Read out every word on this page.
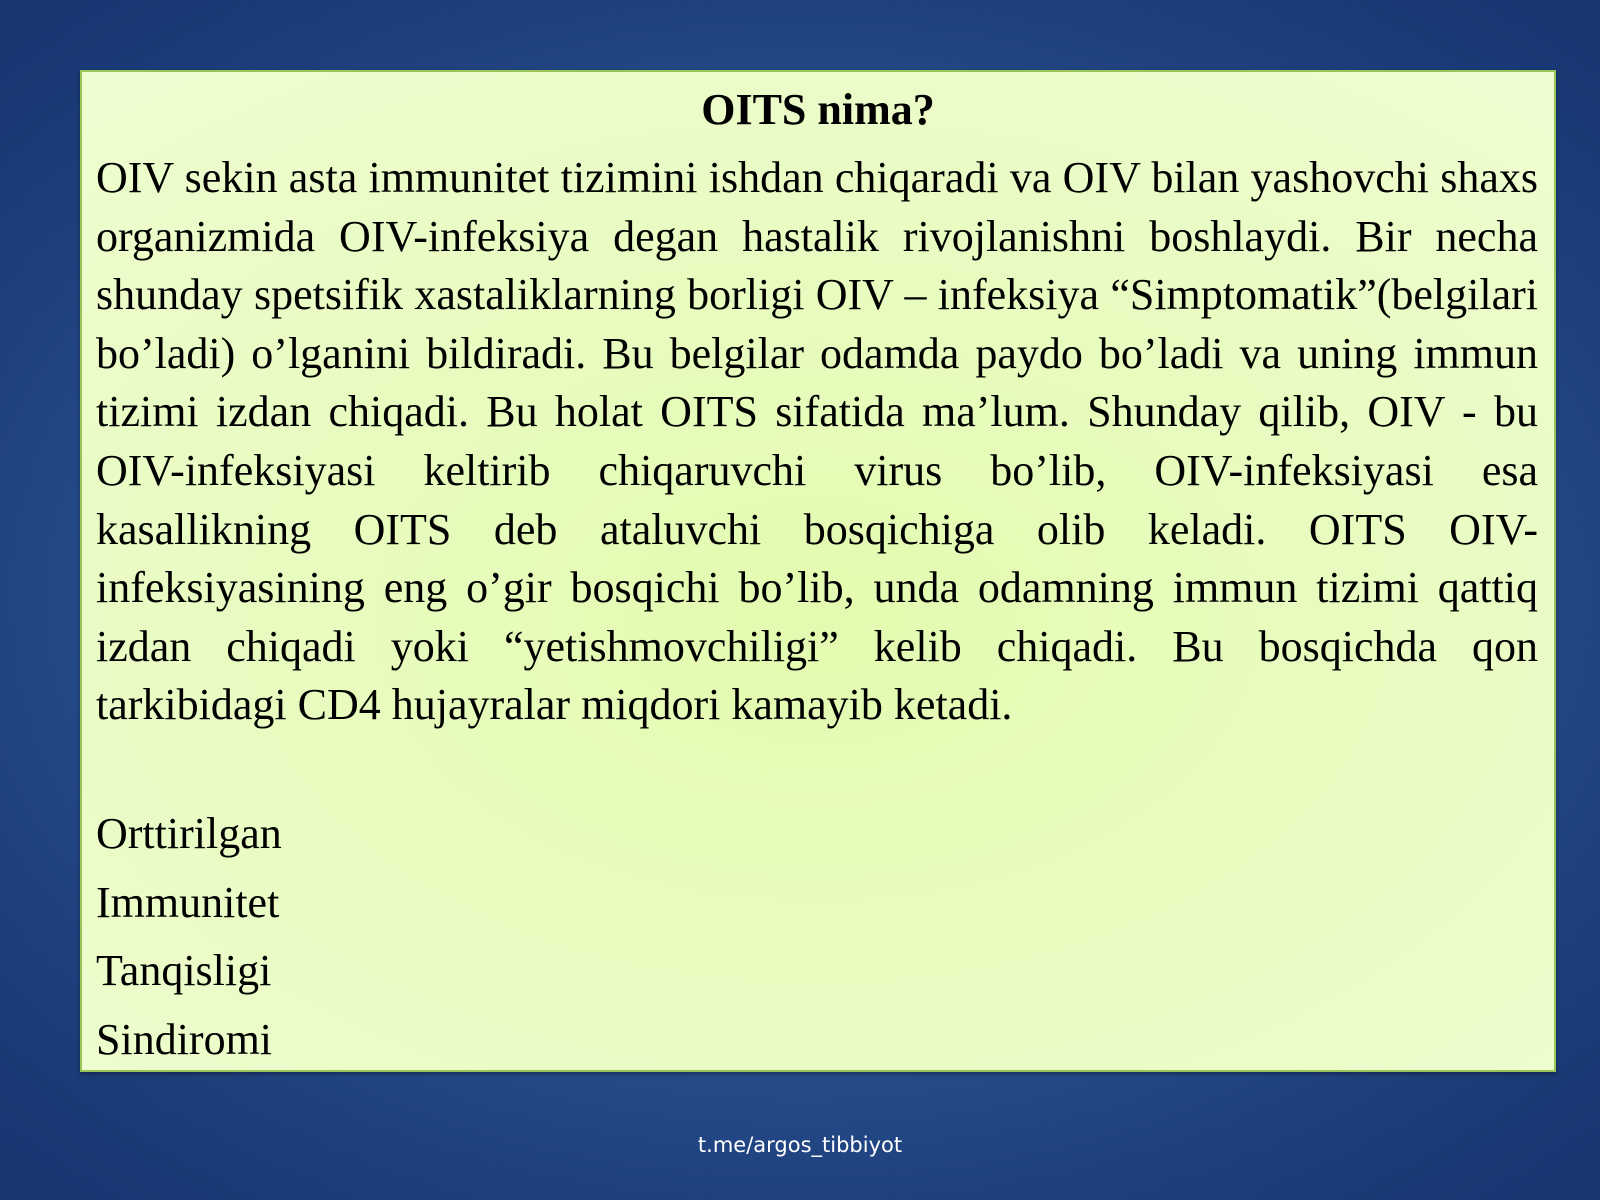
OITS nima?

OIV sekin asta immunitet tizimini ishdan chiqaradi va OIV bilan yashovchi shaxs organizmida OIV-infeksiya degan hastalik rivojlanishni boshlaydi. Bir necha shunday spetsifik xastaliklarning borligi OIV – infeksiya “Simptomatik”(belgilari bo’ladi) o’lganini bildiradi. Bu belgilar odamda paydo bo’ladi va uning immun tizimi izdan chiqadi. Bu holat OITS sifatida ma’lum. Shunday qilib, OIV - bu OIV-infeksiyasi keltirib chiqaruvchi virus bo’lib, OIV-infeksiyasi esa kasallikning OITS deb ataluvchi bosqichiga olib keladi. OITS OIV-infeksiyasining eng o’gir bosqichi bo’lib, unda odamning immun tizimi qattiq izdan chiqadi yoki “yetishmovchiligi” kelib chiqadi. Bu bosqichda qon tarkibidagi CD4 hujayralar miqdori kamayib ketadi.

Orttirilgan
Immunitet
Tanqisligi
Sindiromi
t.me/argos_tibbiyot
